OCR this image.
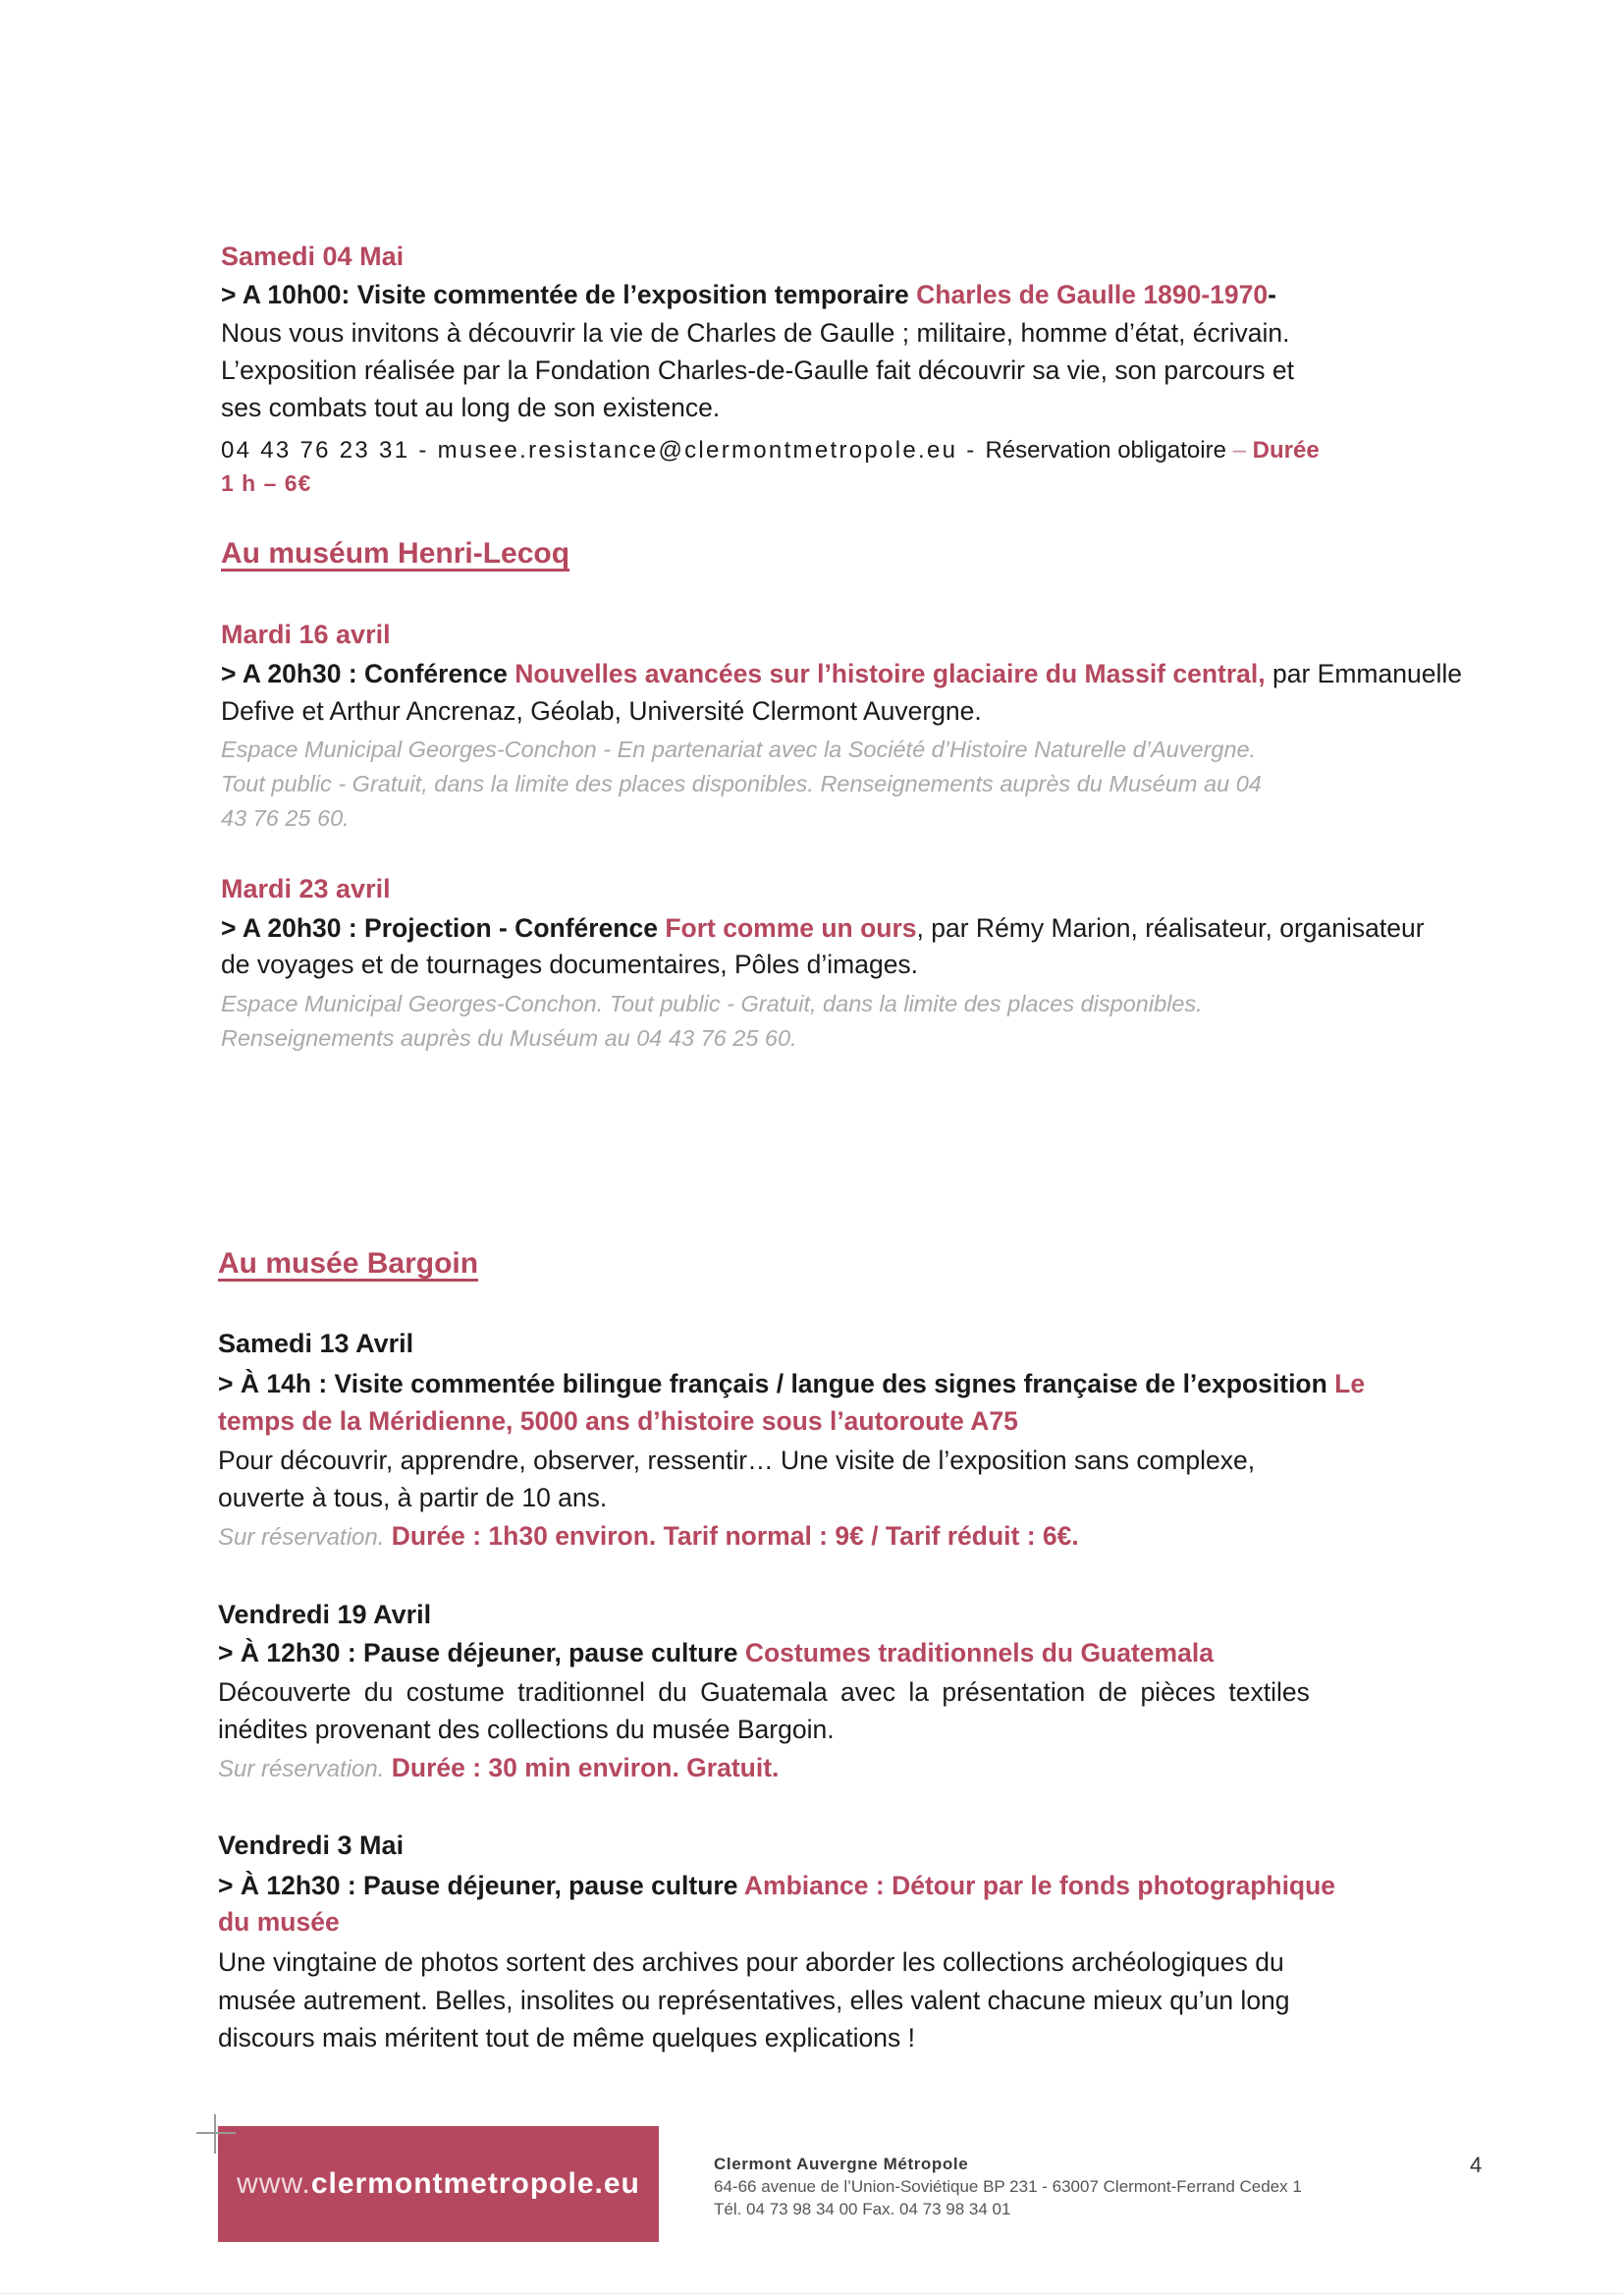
Samedi 04 Mai
> A 10h00: Visite commentée de l’exposition temporaire Charles de Gaulle 1890-1970-
Nous vous invitons à découvrir la vie de Charles de Gaulle ; militaire, homme d’état, écrivain.
L’exposition réalisée par la Fondation Charles-de-Gaulle fait découvrir sa vie, son parcours et
ses combats tout au long de son existence.
04 43 76 23 31 - musee.resistance@clermontmetropole.eu - Réservation obligatoire – Durée
1 h – 6€
Au muséum Henri-Lecoq
Mardi 16 avril
> A 20h30 : Conférence Nouvelles avancées sur l’histoire glaciaire du Massif central, par Emmanuelle
Defive et Arthur Ancrenaz, Géolab, Université Clermont Auvergne.
Espace Municipal Georges-Conchon - En partenariat avec la Société d’Histoire Naturelle d’Auvergne.
Tout public - Gratuit, dans la limite des places disponibles. Renseignements auprès du Muséum au 04
43 76 25 60.
Mardi 23 avril
> A 20h30 : Projection - Conférence Fort comme un ours, par Rémy Marion, réalisateur, organisateur
de voyages et de tournages documentaires, Pôles d’images.
Espace Municipal Georges-Conchon. Tout public - Gratuit, dans la limite des places disponibles.
Renseignements auprès du Muséum au 04 43 76 25 60.
Au musée Bargoin
Samedi 13 Avril
> À 14h : Visite commentée bilingue français / langue des signes française de l’exposition Le
temps de la Méridienne, 5000 ans d’histoire sous l’autoroute A75
Pour découvrir, apprendre, observer, ressentir… Une visite de l’exposition sans complexe,
ouverte à tous, à partir de 10 ans.
Sur réservation. Durée : 1h30 environ. Tarif normal : 9€ / Tarif réduit : 6€.
Vendredi 19 Avril
> À 12h30 : Pause déjeuner, pause culture Costumes traditionnels du Guatemala
Découverte du costume traditionnel du Guatemala avec la présentation de pièces textiles
inédites provenant des collections du musée Bargoin.
Sur réservation. Durée : 30 min environ. Gratuit.
Vendredi 3 Mai
> À 12h30 : Pause déjeuner, pause culture Ambiance : Détour par le fonds photographique
du musée
Une vingtaine de photos sortent des archives pour aborder les collections archéologiques du
musée autrement. Belles, insolites ou représentatives, elles valent chacune mieux qu’un long
discours mais méritent tout de même quelques explications !
www. clermontmetropole.eu
Clermont Auvergne Métropole
64-66 avenue de l’Union-Soviétique BP 231 - 63007 Clermont-Ferrand Cedex 1
Tél. 04 73 98 34 00 Fax. 04 73 98 34 01
4
